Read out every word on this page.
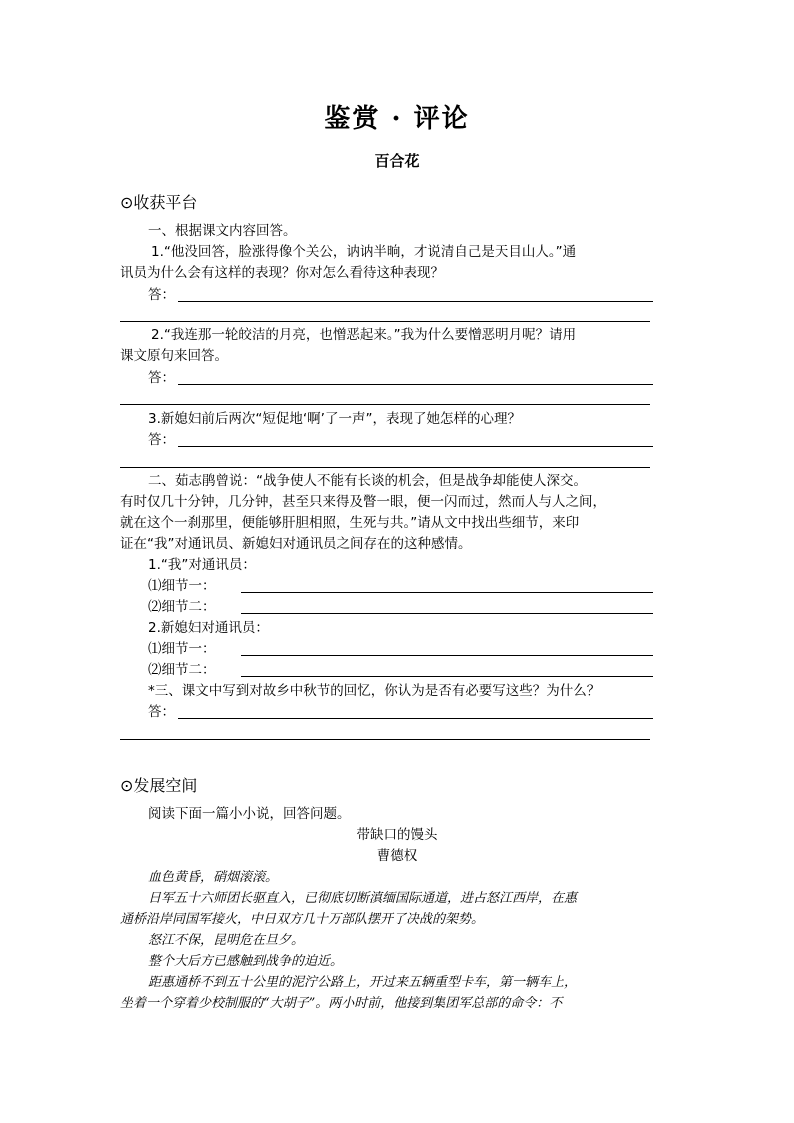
鉴赏 · 评论
百合花
⊙收获平台
一、根据课文内容回答。
1.“他没回答，脸涨得像个关公，讷讷半晌，才说清自己是天目山人。”通
讯员为什么会有这样的表现？你对怎么看待这种表现？
答：
2.“我连那一轮皎洁的月亮，也憎恶起来。”我为什么要憎恶明月呢？请用
课文原句来回答。
答：
3.新媳妇前后两次“短促地‘啊’了一声”，表现了她怎样的心理？
答：
二、茹志鹃曾说：“战争使人不能有长谈的机会，但是战争却能使人深交。
有时仅几十分钟，几分钟，甚至只来得及瞥一眼，便一闪而过，然而人与人之间，
就在这个一刹那里，便能够肝胆相照，生死与共。”请从文中找出些细节，来印
证在“我”对通讯员、新媳妇对通讯员之间存在的这种感情。
1.“我”对通讯员：
⑴细节一：
⑵细节二：
2.新媳妇对通讯员：
⑴细节一：
⑵细节二：
*三、课文中写到对故乡中秋节的回忆，你认为是否有必要写这些？为什么？
答：
⊙发展空间
阅读下面一篇小小说，回答问题。
带缺口的馒头
曹德权
血色黄昏，硝烟滚滚。
日军五十六师团长驱直入，已彻底切断滇缅国际通道，进占怒江西岸，在惠
通桥沿岸同国军接火，中日双方几十万部队摆开了决战的架势。
怒江不保，昆明危在旦夕。
整个大后方已感触到战争的迫近。
距惠通桥不到五十公里的泥泞公路上，开过来五辆重型卡车，第一辆车上，
坐着一个穿着少校制服的“大胡子”。两小时前，他接到集团军总部的命令：不
